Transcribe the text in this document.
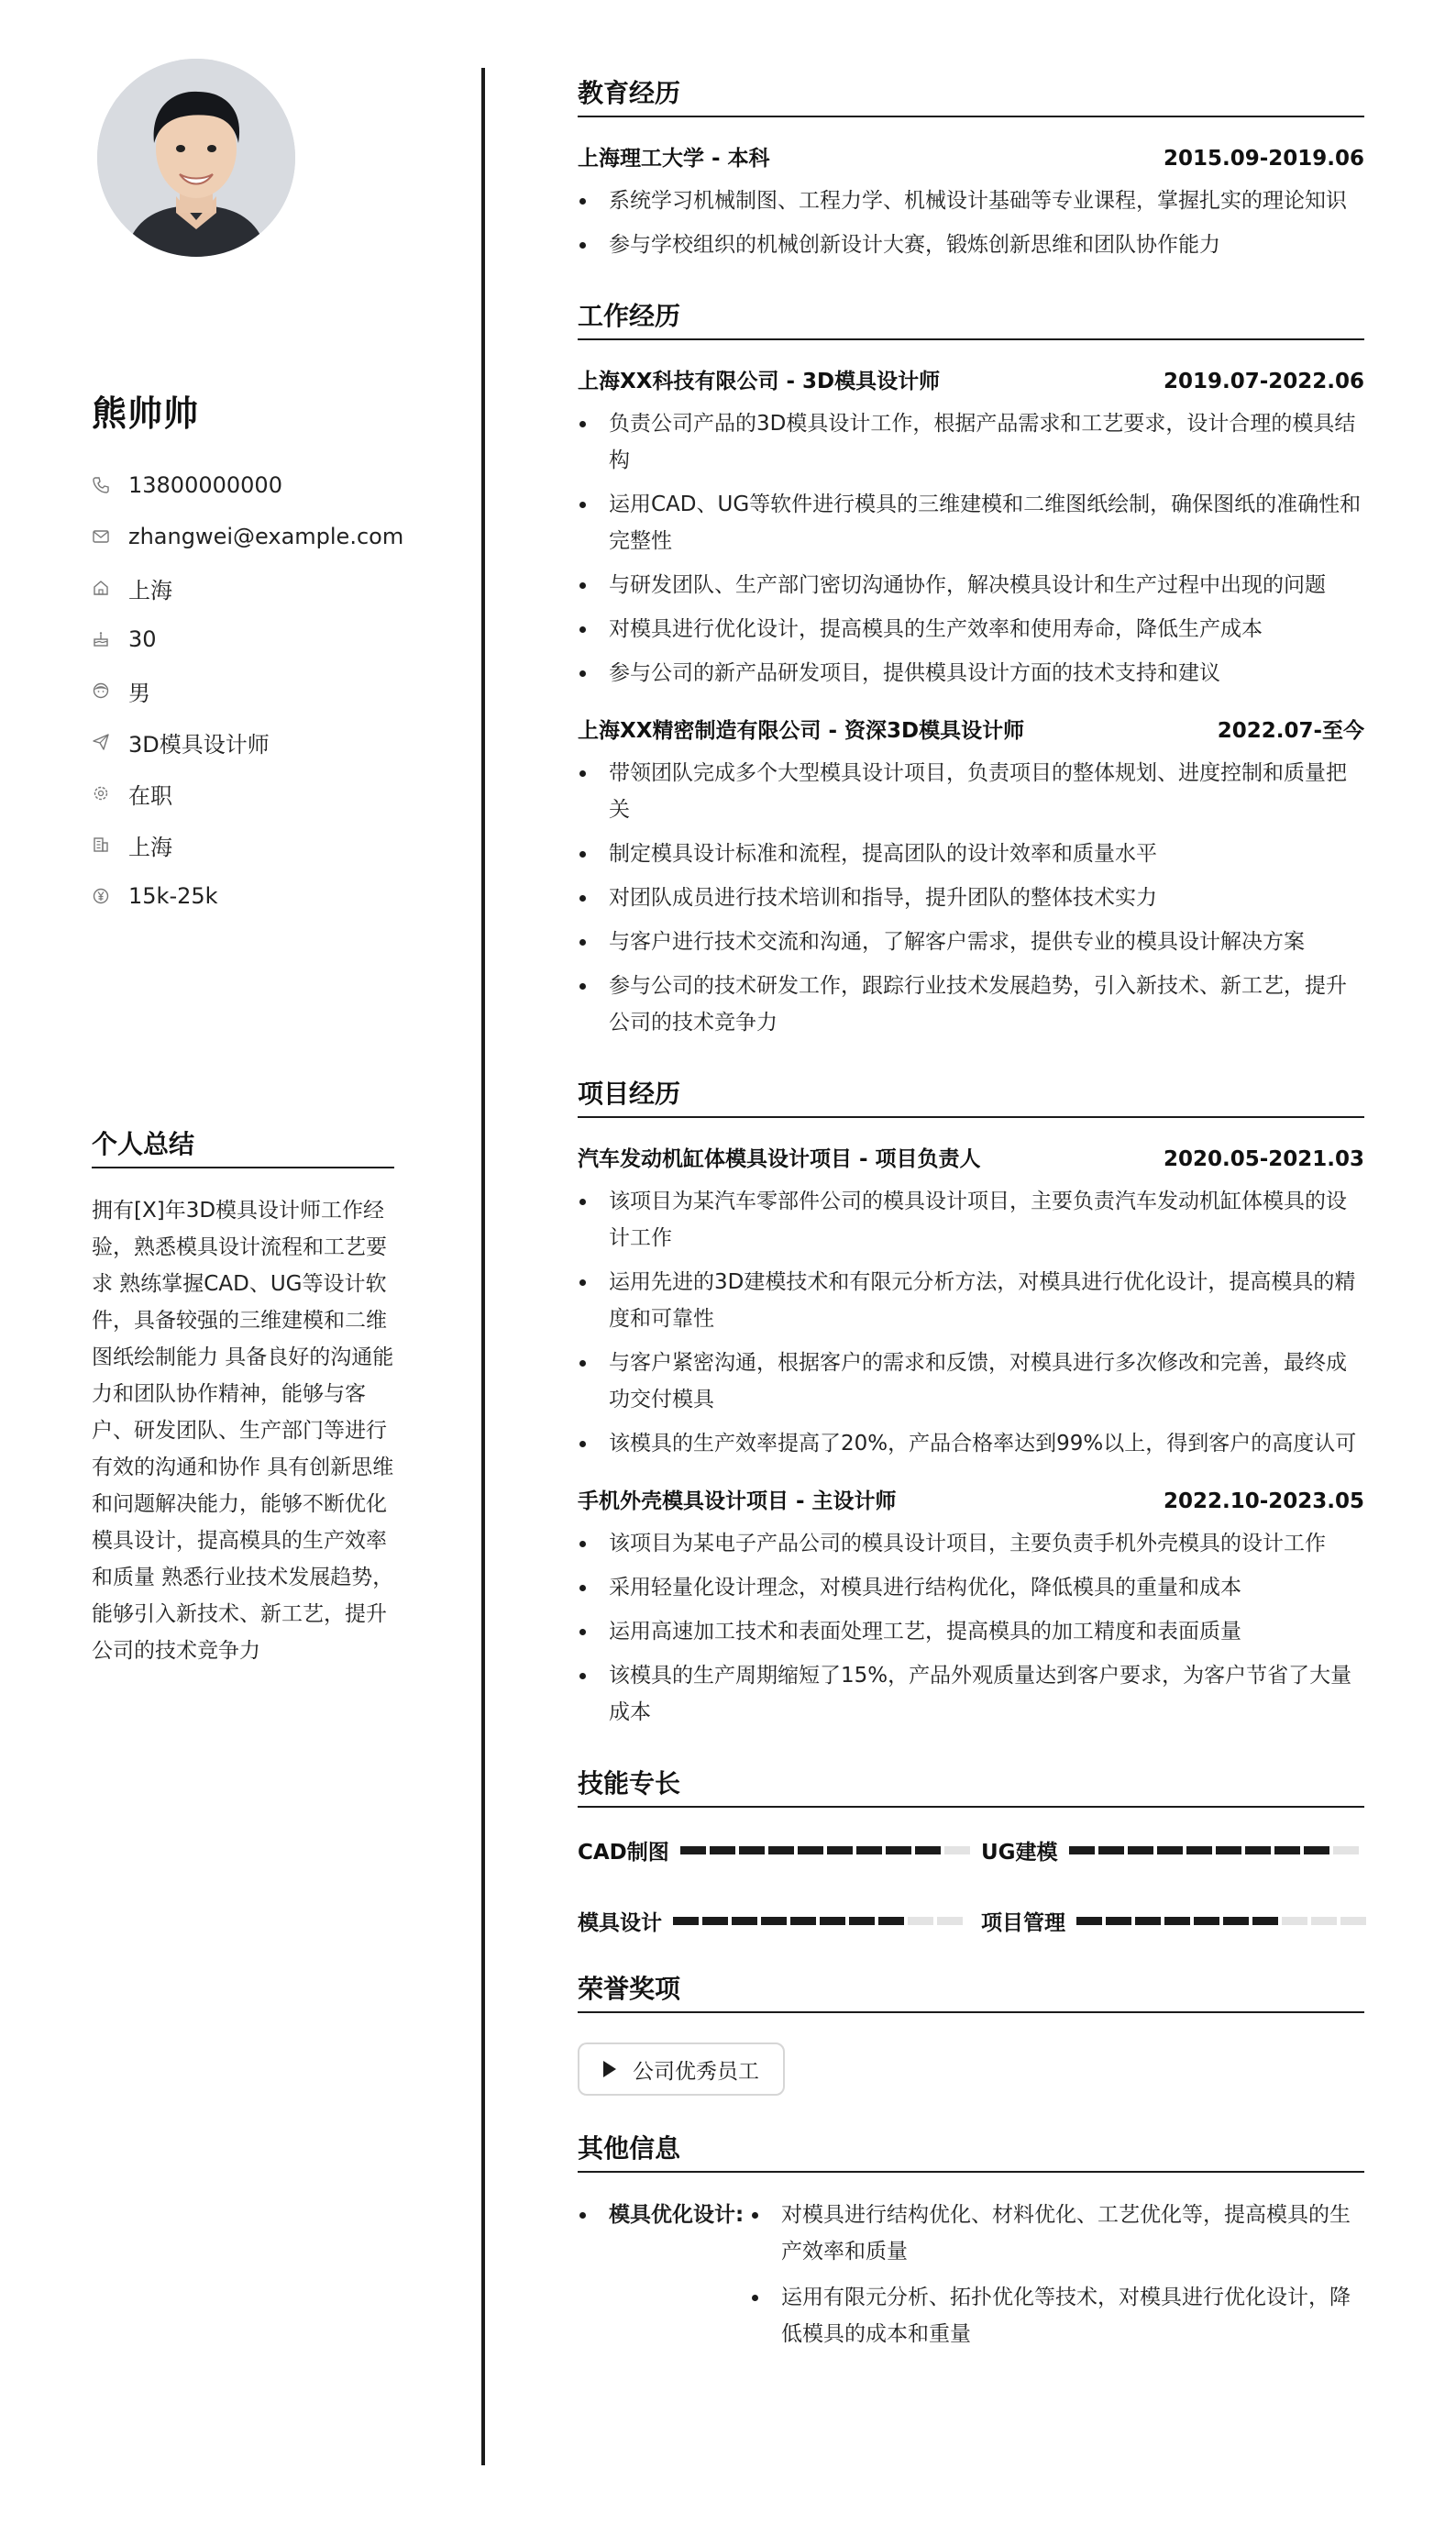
熊帅帅
13800000000
zhangwei@example.com
上海
30
男
3D模具设计师
在职
上海
15k-25k
个人总结

拥有[X]年3D模具设计师工作经验，熟悉模具设计流程和工艺要求 熟练掌握CAD、UG等设计软件，具备较强的三维建模和二维图纸绘制能力 具备良好的沟通能力和团队协作精神，能够与客户、研发团队、生产部门等进行有效的沟通和协作 具有创新思维和问题解决能力，能够不断优化模具设计，提高模具的生产效率和质量 熟悉行业技术发展趋势，能够引入新技术、新工艺，提升公司的技术竞争力

教育经历
上海理工大学 - 本科	2015.09-2019.06
系统学习机械制图、工程力学、机械设计基础等专业课程，掌握扎实的理论知识
参与学校组织的机械创新设计大赛，锻炼创新思维和团队协作能力
工作经历
上海XX科技有限公司 - 3D模具设计师	2019.07-2022.06
负责公司产品的3D模具设计工作，根据产品需求和工艺要求，设计合理的模具结构
运用CAD、UG等软件进行模具的三维建模和二维图纸绘制，确保图纸的准确性和完整性
与研发团队、生产部门密切沟通协作，解决模具设计和生产过程中出现的问题
对模具进行优化设计，提高模具的生产效率和使用寿命，降低生产成本
参与公司的新产品研发项目，提供模具设计方面的技术支持和建议
上海XX精密制造有限公司 - 资深3D模具设计师	2022.07-至今
带领团队完成多个大型模具设计项目，负责项目的整体规划、进度控制和质量把关
制定模具设计标准和流程，提高团队的设计效率和质量水平
对团队成员进行技术培训和指导，提升团队的整体技术实力
与客户进行技术交流和沟通，了解客户需求，提供专业的模具设计解决方案
参与公司的技术研发工作，跟踪行业技术发展趋势，引入新技术、新工艺，提升公司的技术竞争力
项目经历
汽车发动机缸体模具设计项目 - 项目负责人	2020.05-2021.03
该项目为某汽车零部件公司的模具设计项目，主要负责汽车发动机缸体模具的设计工作
运用先进的3D建模技术和有限元分析方法，对模具进行优化设计，提高模具的精度和可靠性
与客户紧密沟通，根据客户的需求和反馈，对模具进行多次修改和完善，最终成功交付模具
该模具的生产效率提高了20%，产品合格率达到99%以上，得到客户的高度认可
手机外壳模具设计项目 - 主设计师	2022.10-2023.05
该项目为某电子产品公司的模具设计项目，主要负责手机外壳模具的设计工作
采用轻量化设计理念，对模具进行结构优化，降低模具的重量和成本
运用高速加工技术和表面处理工艺，提高模具的加工精度和表面质量
该模具的生产周期缩短了15%，产品外观质量达到客户要求，为客户节省了大量成本
技能专长
CAD制图	UG建模
模具设计	项目管理
荣誉奖项
公司优秀员工
其他信息
模具优化设计:	对模具进行结构优化、材料优化、工艺优化等，提高模具的生产效率和质量
运用有限元分析、拓扑优化等技术，对模具进行优化设计，降低模具的成本和重量
